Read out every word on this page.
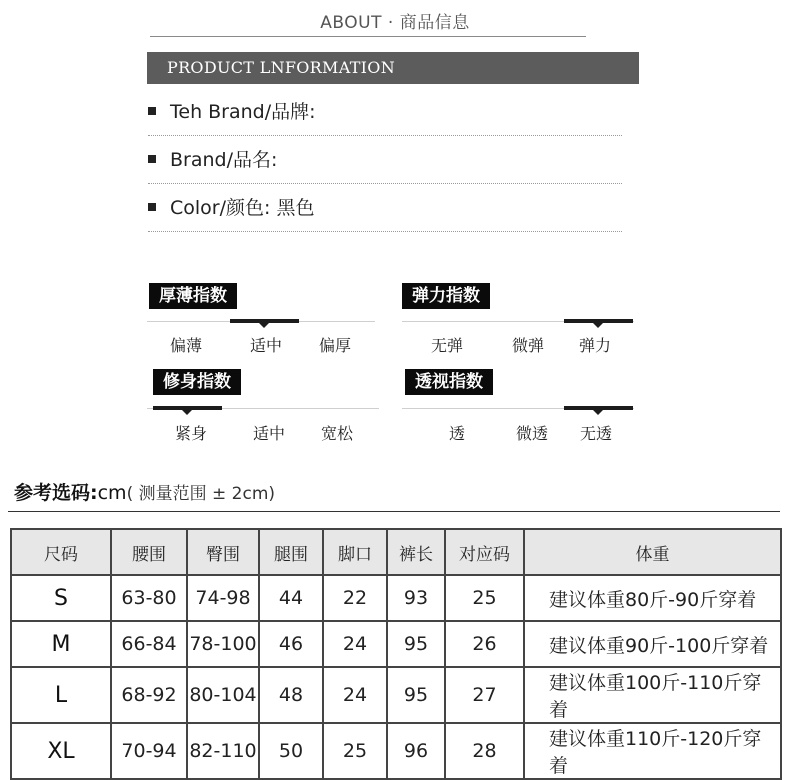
ABOUT · 商品信息
PRODUCT LNFORMATION
Teh Brand/品牌:
Brand/品名:
Color/颜色: 黑色
厚薄指数
偏薄	适中	偏厚
弹力指数
无弹	微弹	弹力
修身指数
紧身	适中	宽松
透视指数
透	微透	无透
参考选码:cm( 测量范围 ± 2cm)
尺码	腰围	臀围	腿围	脚口	裤长	对应码	体重
S	63-80	74-98	44	22	93	25	建议体重80斤-90斤穿着
M	66-84	78-100	46	24	95	26	建议体重90斤-100斤穿着
L	68-92	80-104	48	24	95	27	建议体重100斤-110斤穿着
XL	70-94	82-110	50	25	96	28	建议体重110斤-120斤穿着
